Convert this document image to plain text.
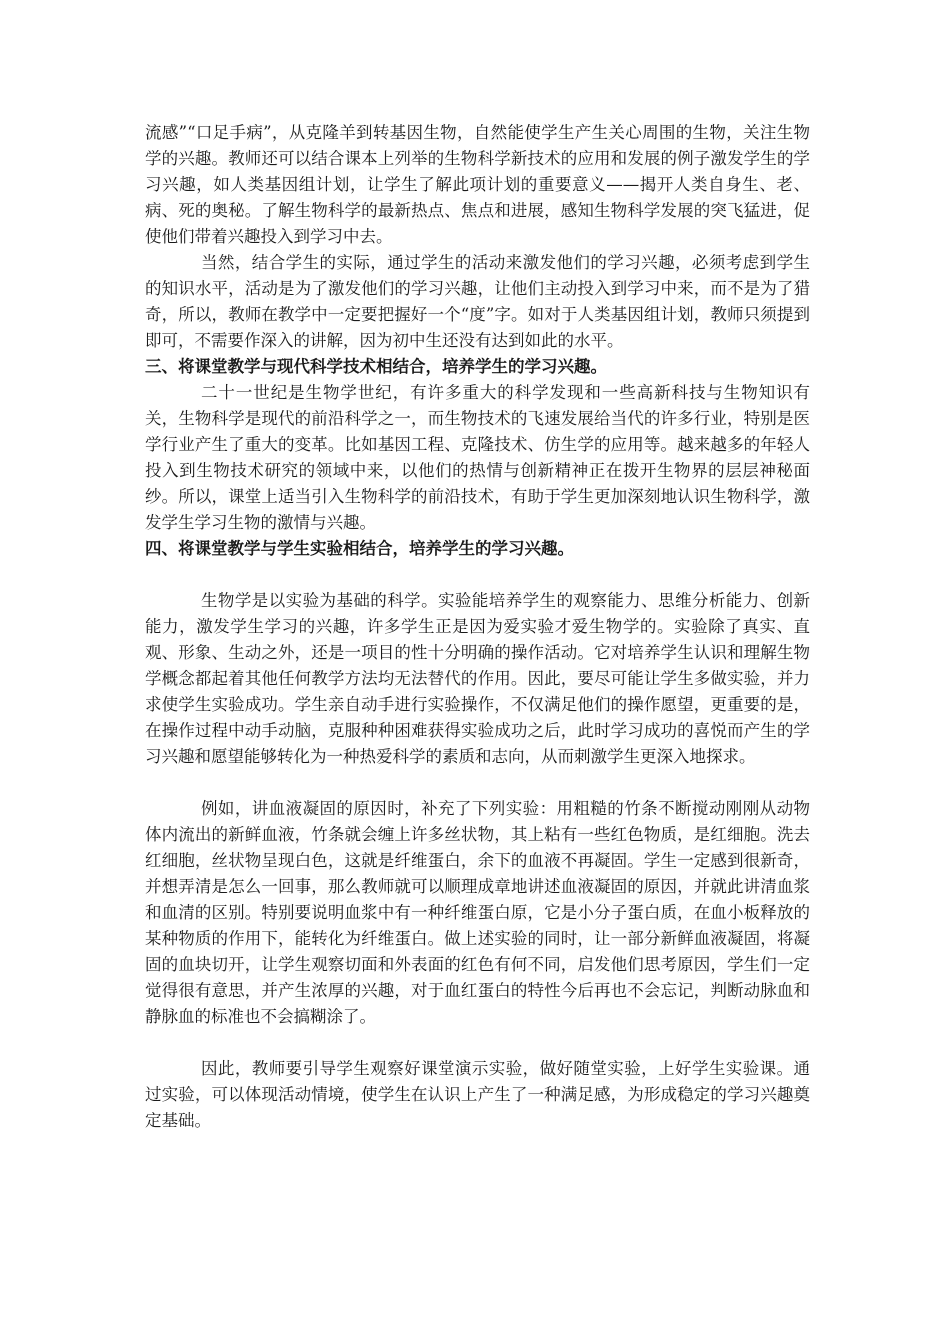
流感”“口足手病”，从克隆羊到转基因生物，自然能使学生产生关心周围的生物，关注生物学的兴趣。教师还可以结合课本上列举的生物科学新技术的应用和发展的例子激发学生的学习兴趣，如人类基因组计划，让学生了解此项计划的重要意义——揭开人类自身生、老、病、死的奥秘。了解生物科学的最新热点、焦点和进展，感知生物科学发展的突飞猛进，促使他们带着兴趣投入到学习中去。

当然，结合学生的实际，通过学生的活动来激发他们的学习兴趣，必须考虑到学生的知识水平，活动是为了激发他们的学习兴趣，让他们主动投入到学习中来，而不是为了猎奇，所以，教师在教学中一定要把握好一个“度”字。如对于人类基因组计划，教师只须提到即可，不需要作深入的讲解，因为初中生还没有达到如此的水平。

三、将课堂教学与现代科学技术相结合，培养学生的学习兴趣。

二十一世纪是生物学世纪，有许多重大的科学发现和一些高新科技与生物知识有关，生物科学是现代的前沿科学之一，而生物技术的飞速发展给当代的许多行业，特别是医学行业产生了重大的变革。比如基因工程、克隆技术、仿生学的应用等。越来越多的年轻人投入到生物技术研究的领域中来，以他们的热情与创新精神正在拨开生物界的层层神秘面纱。所以，课堂上适当引入生物科学的前沿技术，有助于学生更加深刻地认识生物科学，激发学生学习生物的激情与兴趣。

四、将课堂教学与学生实验相结合，培养学生的学习兴趣。

生物学是以实验为基础的科学。实验能培养学生的观察能力、思维分析能力、创新能力，激发学生学习的兴趣，许多学生正是因为爱实验才爱生物学的。实验除了真实、直观、形象、生动之外，还是一项目的性十分明确的操作活动。它对培养学生认识和理解生物学概念都起着其他任何教学方法均无法替代的作用。因此，要尽可能让学生多做实验，并力求使学生实验成功。学生亲自动手进行实验操作，不仅满足他们的操作愿望，更重要的是，在操作过程中动手动脑，克服种种困难获得实验成功之后，此时学习成功的喜悦而产生的学习兴趣和愿望能够转化为一种热爱科学的素质和志向，从而刺激学生更深入地探求。

例如，讲血液凝固的原因时，补充了下列实验：用粗糙的竹条不断搅动刚刚从动物体内流出的新鲜血液，竹条就会缠上许多丝状物，其上粘有一些红色物质，是红细胞。洗去红细胞，丝状物呈现白色，这就是纤维蛋白，余下的血液不再凝固。学生一定感到很新奇，并想弄清是怎么一回事，那么教师就可以顺理成章地讲述血液凝固的原因，并就此讲清血浆和血清的区别。特别要说明血浆中有一种纤维蛋白原，它是小分子蛋白质，在血小板释放的某种物质的作用下，能转化为纤维蛋白。做上述实验的同时，让一部分新鲜血液凝固，将凝固的血块切开，让学生观察切面和外表面的红色有何不同，启发他们思考原因，学生们一定觉得很有意思，并产生浓厚的兴趣，对于血红蛋白的特性今后再也不会忘记，判断动脉血和静脉血的标准也不会搞糊涂了。

因此，教师要引导学生观察好课堂演示实验，做好随堂实验，上好学生实验课。通过实验，可以体现活动情境，使学生在认识上产生了一种满足感，为形成稳定的学习兴趣奠定基础。
